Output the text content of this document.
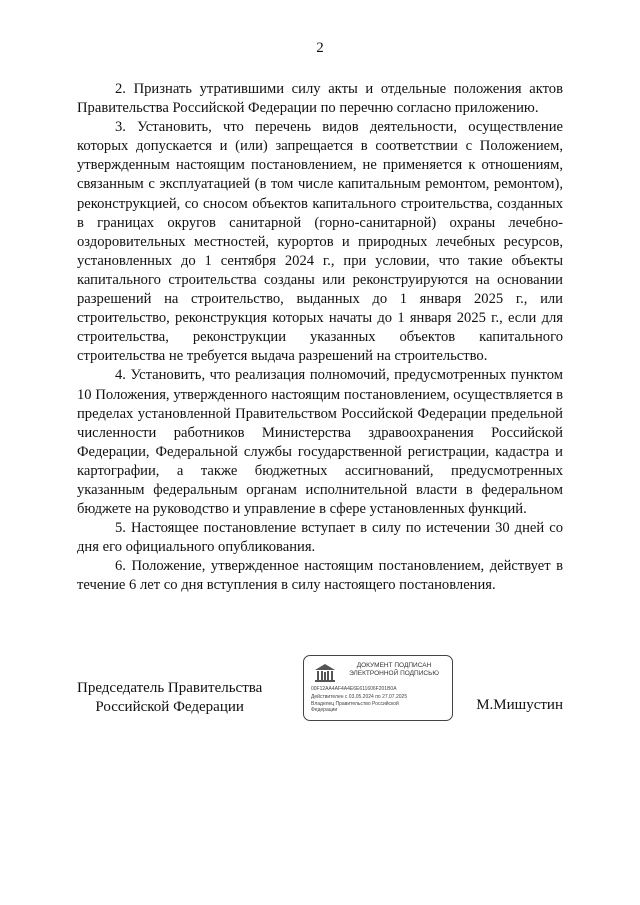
2

2. Признать утратившими силу акты и отдельные положения актов Правительства Российской Федерации по перечню согласно приложению.

3. Установить, что перечень видов деятельности, осуществление которых допускается и (или) запрещается в соответствии с Положением, утвержденным настоящим постановлением, не применяется к отношениям, связанным с эксплуатацией (в том числе капитальным ремонтом, ремонтом), реконструкцией, со сносом объектов капитального строительства, созданных в границах округов санитарной (горно-санитарной) охраны лечебно-оздоровительных местностей, курортов и природных лечебных ресурсов, установленных до 1 сентября 2024 г., при условии, что такие объекты капитального строительства созданы или реконструируются на основании разрешений на строительство, выданных до 1 января 2025 г., или строительство, реконструкция которых начаты до 1 января 2025 г., если для строительства, реконструкции указанных объектов капитального строительства не требуется выдача разрешений на строительство.

4. Установить, что реализация полномочий, предусмотренных пунктом 10 Положения, утвержденного настоящим постановлением, осуществляется в пределах установленной Правительством Российской Федерации предельной численности работников Министерства здравоохранения Российской Федерации, Федеральной службы государственной регистрации, кадастра и картографии, а также бюджетных ассигнований, предусмотренных указанным федеральным органам исполнительной власти в федеральном бюджете на руководство и управление в сфере установленных функций.

5. Настоящее постановление вступает в силу по истечении 30 дней со дня его официального опубликования.

6. Положение, утвержденное настоящим постановлением, действует в течение 6 лет со дня вступления в силу настоящего постановления.

Председатель Правительства
Российской Федерации
ДОКУМЕНТ ПОДПИСАН
ЭЛЕКТРОННОЙ ПОДПИСЬЮ
00F12AA4AF4A4E6E611606F201B0A
Действителен с 03.05.2024 по 27.07.2025
Владелец Правительство Российской
Федерации	М.Мишустин
